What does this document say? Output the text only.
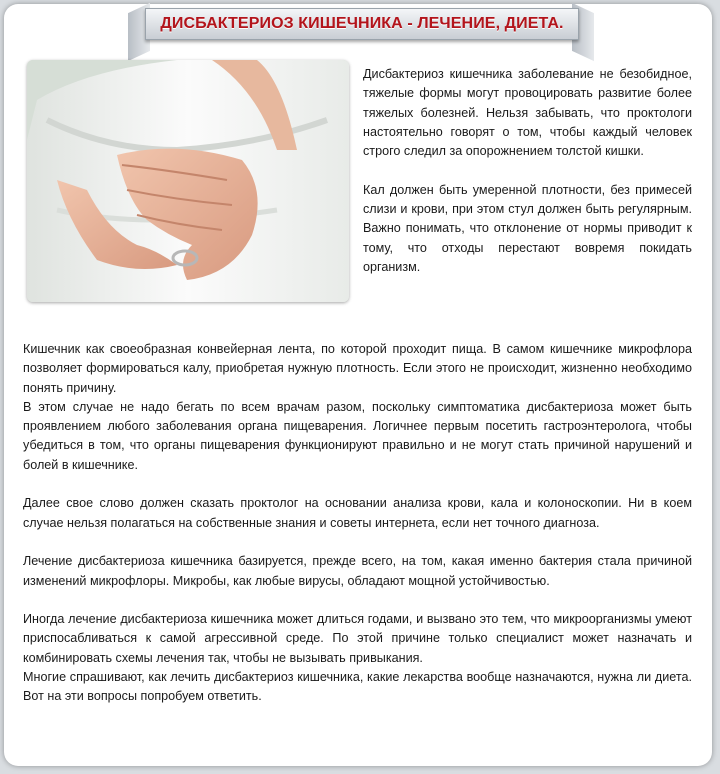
ДИСБАКТЕРИОЗ КИШЕЧНИКА - ЛЕЧЕНИЕ, ДИЕТА.

Дисбактериоз кишечника заболевание не безобидное, тяжелые формы могут провоцировать развитие более тяжелых болезней. Нельзя забывать, что проктологи настоятельно говорят о том, чтобы каждый человек строго следил за опорожнением толстой кишки.

Кал должен быть умеренной плотности, без примесей слизи и крови, при этом стул должен быть регулярным. Важно понимать, что отклонение от нормы приводит к тому, что отходы перестают вовремя покидать организм.

Кишечник как своеобразная конвейерная лента, по которой проходит пища. В самом кишечнике микрофлора позволяет формироваться калу, приобретая нужную плотность. Если этого не происходит, жизненно необходимо понять причину.

В этом случае не надо бегать по всем врачам разом, поскольку симптоматика дисбактериоза может быть проявлением любого заболевания органа пищеварения. Логичнее первым посетить гастроэнтеролога, чтобы убедиться в том, что органы пищеварения функционируют правильно и не могут стать причиной нарушений и болей в кишечнике.

Далее свое слово должен сказать проктолог на основании анализа крови, кала и колоноскопии. Ни в коем случае нельзя полагаться на собственные знания и советы интернета, если нет точного диагноза.

Лечение дисбактериоза кишечника базируется, прежде всего, на том, какая именно бактерия стала причиной изменений микрофлоры. Микробы, как любые вирусы, обладают мощной устойчивостью.

Иногда лечение дисбактериоза кишечника может длиться годами, и вызвано это тем, что микроорганизмы умеют приспосабливаться к самой агрессивной среде. По этой причине только специалист может назначать и комбинировать схемы лечения так, чтобы не вызывать привыкания.

Многие спрашивают, как лечить дисбактериоз кишечника, какие лекарства вообще назначаются, нужна ли диета. Вот на эти вопросы попробуем ответить.
